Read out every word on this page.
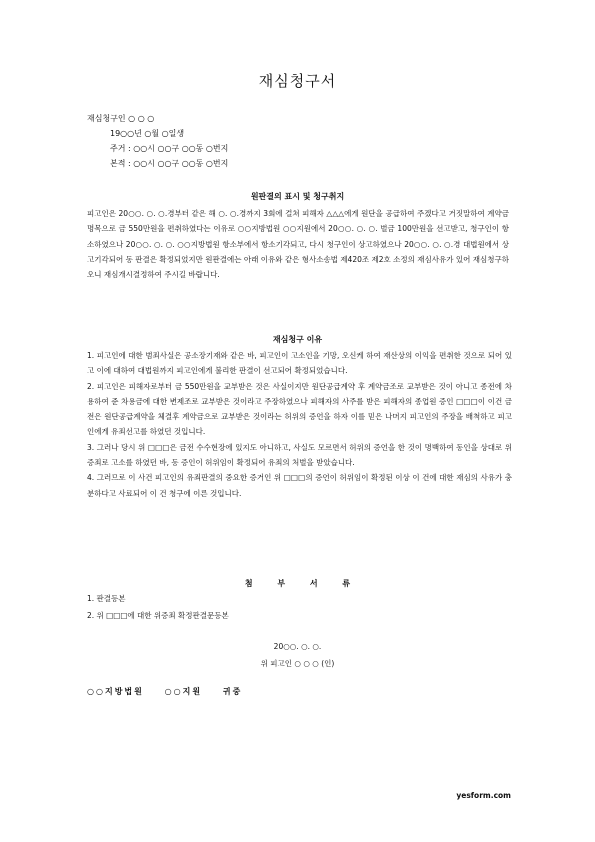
재심청구서
재심청구인 ○ ○ ○
19○○년 ○월 ○일생
주거 : ○○시 ○○구 ○○동 ○번지
본적 : ○○시 ○○구 ○○동 ○번지
원판결의 표시 및 청구취지

피고인은 20○○. ○. ○.경부터 같은 해 ○. ○.경까지 3회에 걸쳐 피해자 △△△에게 원단을 공급하여 주겠다고 거짓말하여 계약금 명목으로 금 550만원을 편취하였다는 이유로 ○○지방법원 ○○지원에서 20○○. ○. ○. 벌금 100만원을 선고받고, 청구인이 항소하였으나 20○○. ○. ○. ○○지방법원 항소부에서 항소기각되고, 다시 청구인이 상고하였으나 20○○. ○. ○.경 대법원에서 상고기각되어 동 판결은 확정되었지만 원판결에는 아래 이유와 같은 형사소송법 제420조 제2호 소정의 재심사유가 있어 재심청구하오니 재심개시결정하여 주시길 바랍니다.

재심청구 이유

1. 피고인에 대한 범죄사실은 공소장기재와 같은 바, 피고인이 고소인을 기망, 오신케 하여 재산상의 이익을 편취한 것으로 되어 있고 이에 대하여 대법원까지 피고인에게 불리한 판결이 선고되어 확정되었습니다.

2. 피고인은 피해자로부터 금 550만원을 교부받은 것은 사실이지만 원단공급계약 후 계약금조로 교부받은 것이 아니고 종전에 차용하여 준 차용금에 대한 변제조로 교부받은 것이라고 주장하였으나 피해자의 사주를 받은 피해자의 종업원 증인 □□□이 이건 금전은 원단공급계약을 체결후 계약금으로 교부받은 것이라는 허위의 증언을 하자 이를 믿은 나머지 피고인의 주장을 배척하고 피고인에게 유죄선고를 하였던 것입니다.

3. 그러나 당시 위 □□□은 금전 수수현장에 있지도 아니하고, 사실도 모르면서 허위의 증언을 한 것이 명백하여 동인을 상대로 위증죄로 고소를 하였던 바, 동 증인이 허위임이 확정되어 유죄의 처벌을 받았습니다.

4. 그러므로 이 사건 피고인의 유죄판결의 중요한 증거인 위 □□□의 증언이 허위임이 확정된 이상 이 건에 대한 재심의 사유가 충분하다고 사료되어 이 건 청구에 이른 것입니다.

첨 부 서 류
1. 판결등본
2. 위 □□□에 대한 위증죄 확정판결문등본
20○○. ○. ○.
위 피고인 ○ ○ ○ (인)
○○지방법원 ○○지원 귀중
yesform.com
